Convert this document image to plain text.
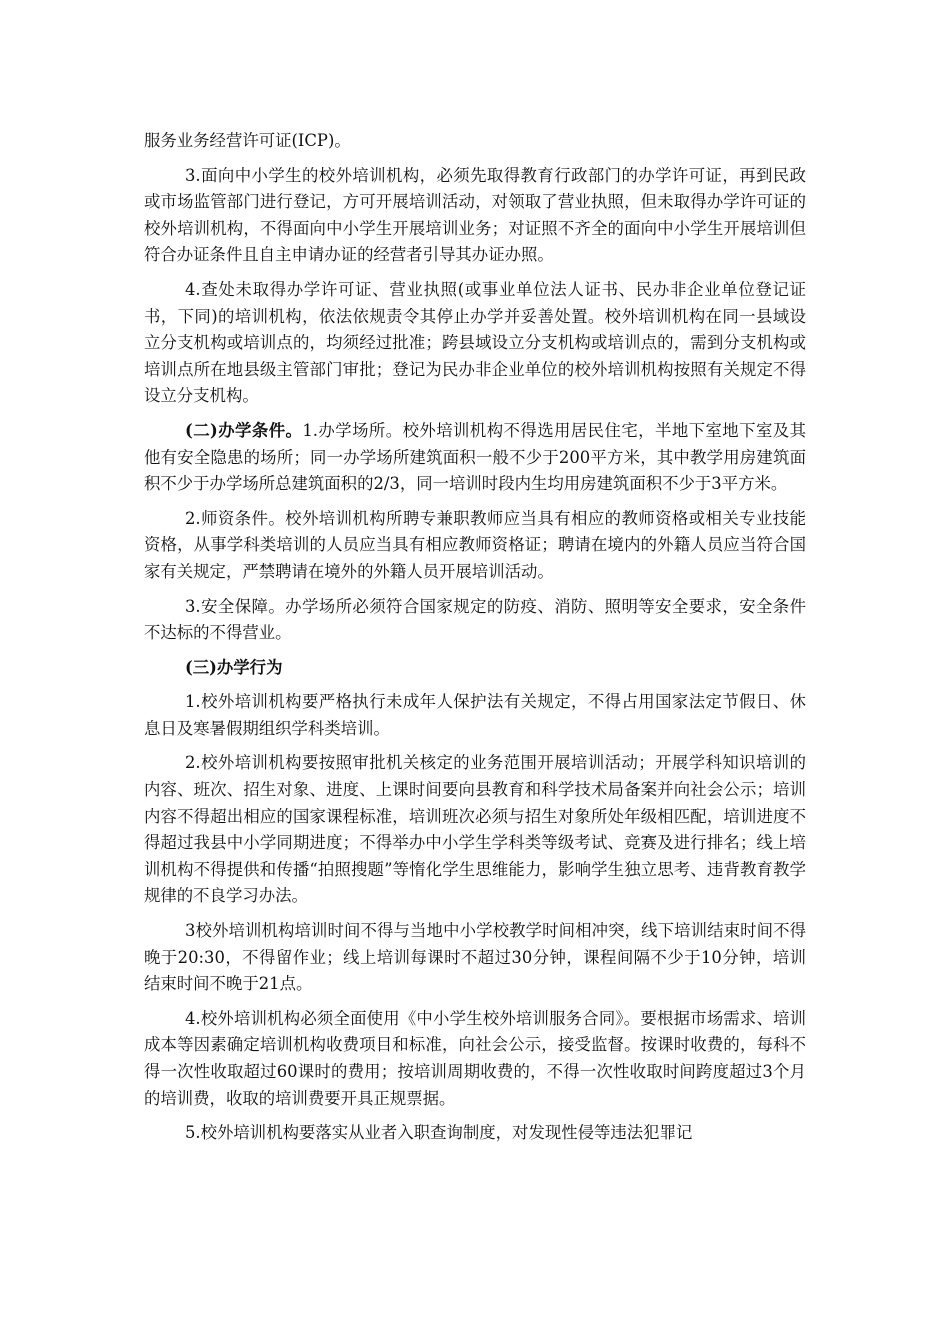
服务业务经营许可证(ICP)。

3.面向中小学生的校外培训机构，必须先取得教育行政部门的办学许可证，再到民政或市场监管部门进行登记，方可开展培训活动，对领取了营业执照，但未取得办学许可证的校外培训机构，不得面向中小学生开展培训业务；对证照不齐全的面向中小学生开展培训但符合办证条件且自主申请办证的经营者引导其办证办照。

4.查处未取得办学许可证、营业执照(或事业单位法人证书、民办非企业单位登记证书，下同)的培训机构，依法依规责令其停止办学并妥善处置。校外培训机构在同一县域设立分支机构或培训点的，均须经过批准；跨县域设立分支机构或培训点的，需到分支机构或培训点所在地县级主管部门审批；登记为民办非企业单位的校外培训机构按照有关规定不得设立分支机构。

(二)办学条件。1.办学场所。校外培训机构不得选用居民住宅，半地下室地下室及其他有安全隐患的场所；同一办学场所建筑面积一般不少于200平方米，其中教学用房建筑面积不少于办学场所总建筑面积的2/3，同一培训时段内生均用房建筑面积不少于3平方米。

2.师资条件。校外培训机构所聘专兼职教师应当具有相应的教师资格或相关专业技能资格，从事学科类培训的人员应当具有相应教师资格证；聘请在境内的外籍人员应当符合国家有关规定，严禁聘请在境外的外籍人员开展培训活动。

3.安全保障。办学场所必须符合国家规定的防疫、消防、照明等安全要求，安全条件不达标的不得营业。

(三)办学行为

1.校外培训机构要严格执行未成年人保护法有关规定，不得占用国家法定节假日、休息日及寒暑假期组织学科类培训。

2.校外培训机构要按照审批机关核定的业务范围开展培训活动；开展学科知识培训的内容、班次、招生对象、进度、上课时间要向县教育和科学技术局备案并向社会公示；培训内容不得超出相应的国家课程标准，培训班次必须与招生对象所处年级相匹配，培训进度不得超过我县中小学同期进度；不得举办中小学生学科类等级考试、竞赛及进行排名；线上培训机构不得提供和传播“拍照搜题”等惰化学生思维能力，影响学生独立思考、违背教育教学规律的不良学习办法。

3校外培训机构培训时间不得与当地中小学校教学时间相冲突，线下培训结束时间不得晚于20:30，不得留作业；线上培训每课时不超过30分钟，课程间隔不少于10分钟，培训结束时间不晚于21点。

4.校外培训机构必须全面使用《中小学生校外培训服务合同》。要根据市场需求、培训成本等因素确定培训机构收费项目和标准，向社会公示，接受监督。按课时收费的，每科不得一次性收取超过60课时的费用；按培训周期收费的，不得一次性收取时间跨度超过3个月的培训费，收取的培训费要开具正规票据。

5.校外培训机构要落实从业者入职查询制度，对发现性侵等违法犯罪记
